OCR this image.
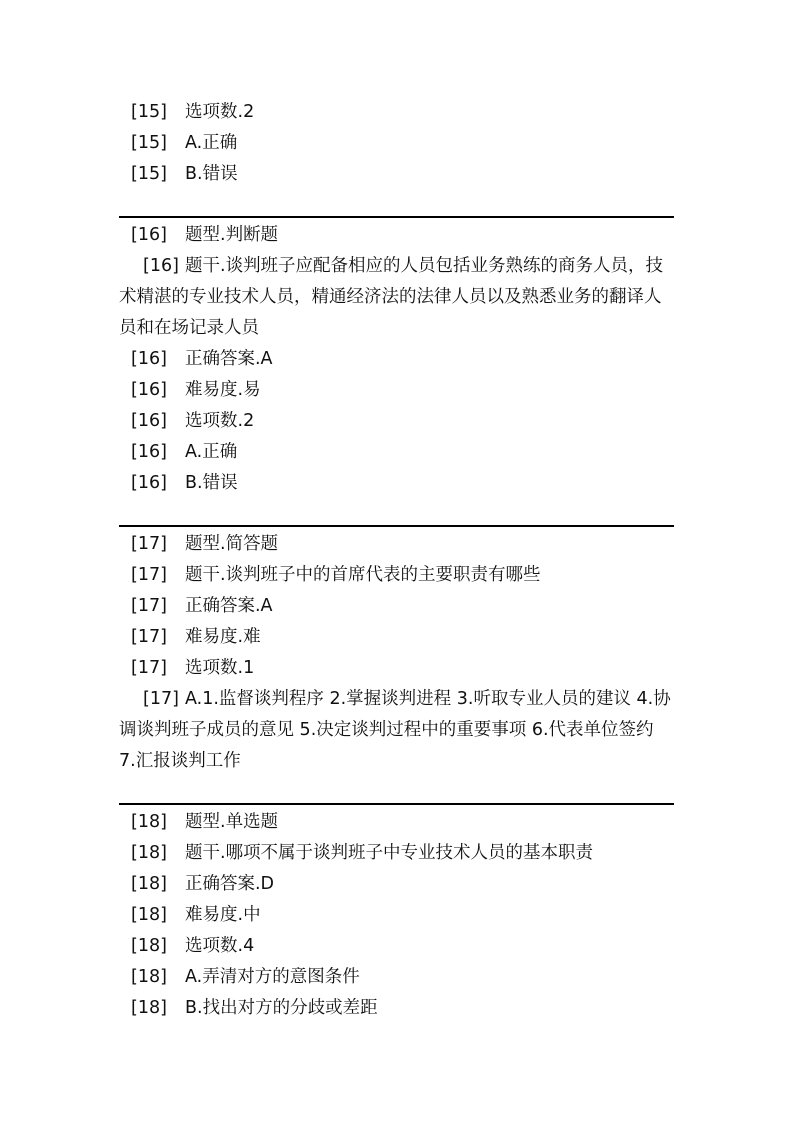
[15] 选项数.2
[15] A.正确
[15] B.错误
[16] 题型.判断题
[16] 题干.谈判班子应配备相应的人员包括业务熟练的商务人员，技术精湛的专业技术人员，精通经济法的法律人员以及熟悉业务的翻译人员和在场记录人员
[16] 正确答案.A
[16] 难易度.易
[16] 选项数.2
[16] A.正确
[16] B.错误
[17] 题型.简答题
[17] 题干.谈判班子中的首席代表的主要职责有哪些
[17] 正确答案.A
[17] 难易度.难
[17] 选项数.1
[17] A.1.监督谈判程序 2.掌握谈判进程 3.听取专业人员的建议 4.协调谈判班子成员的意见 5.决定谈判过程中的重要事项 6.代表单位签约 7.汇报谈判工作
[18] 题型.单选题
[18] 题干.哪项不属于谈判班子中专业技术人员的基本职责
[18] 正确答案.D
[18] 难易度.中
[18] 选项数.4
[18] A.弄清对方的意图条件
[18] B.找出对方的分歧或差距
